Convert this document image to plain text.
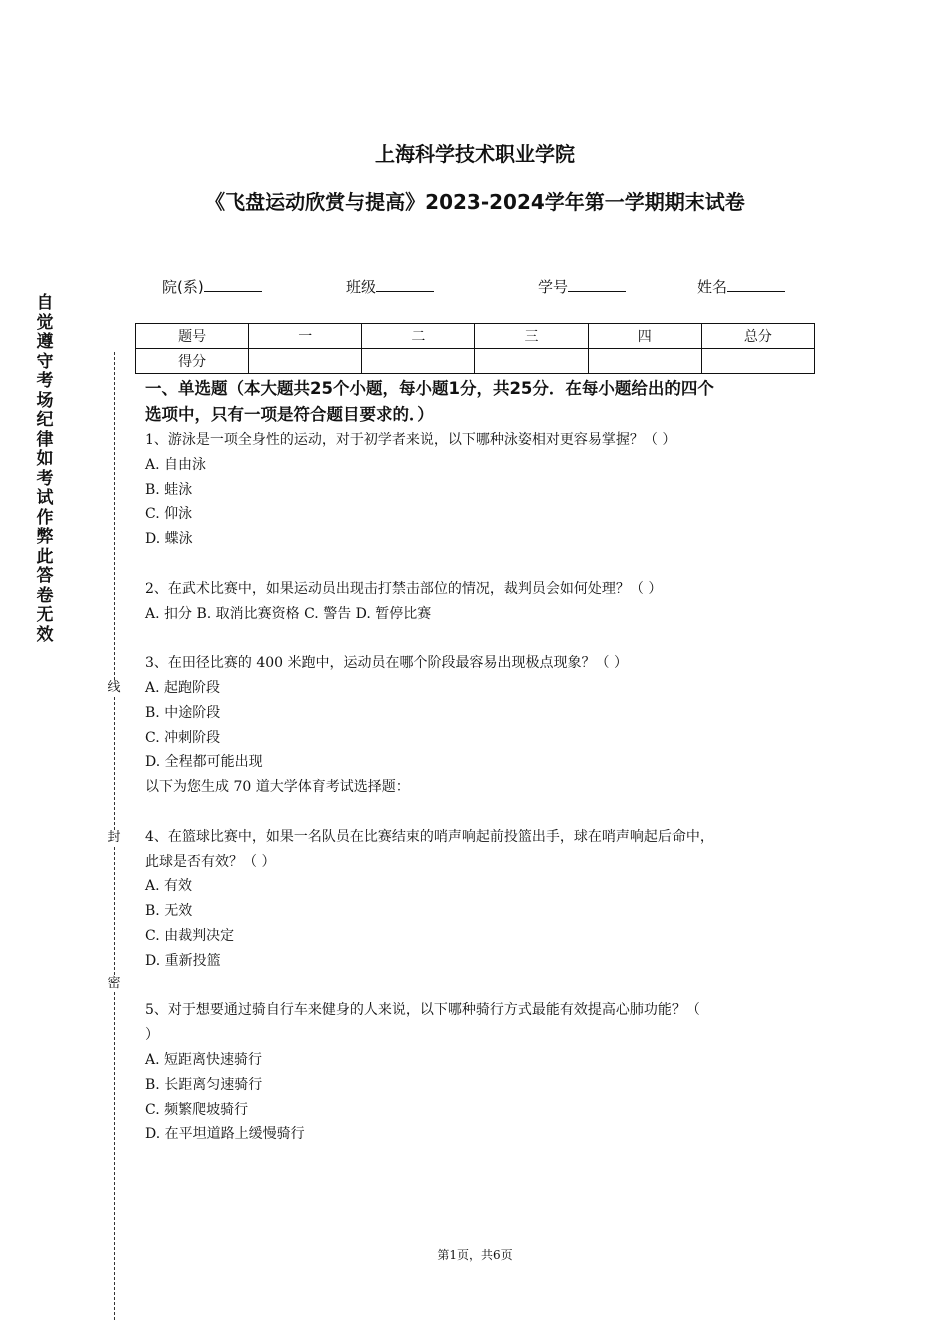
上海科学技术职业学院
《飞盘运动欣赏与提高》2023-2024学年第一学期期末试卷
院(系)	班级	学号	姓名
题号	一	二	三	四	总分
得分					
自觉遵守考场纪律如考试作弊此答卷无效
线
封
密
一、单选题（本大题共25个小题，每小题1分，共25分．在每小题给出的四个
选项中，只有一项是符合题目要求的．）
1、游泳是一项全身性的运动，对于初学者来说，以下哪种泳姿相对更容易掌握？（ ）
A. 自由泳
B. 蛙泳
C. 仰泳
D. 蝶泳
2、在武术比赛中，如果运动员出现击打禁击部位的情况，裁判员会如何处理？（ ）
A. 扣分 B. 取消比赛资格 C. 警告 D. 暂停比赛
3、在田径比赛的 400 米跑中，运动员在哪个阶段最容易出现极点现象？（ ）
A. 起跑阶段
B. 中途阶段
C. 冲刺阶段
D. 全程都可能出现
以下为您生成 70 道大学体育考试选择题：
4、在篮球比赛中，如果一名队员在比赛结束的哨声响起前投篮出手，球在哨声响起后命中，
此球是否有效？（ ）
A. 有效
B. 无效
C. 由裁判决定
D. 重新投篮
5、对于想要通过骑自行车来健身的人来说，以下哪种骑行方式最能有效提高心肺功能？（
）
A. 短距离快速骑行
B. 长距离匀速骑行
C. 频繁爬坡骑行
D. 在平坦道路上缓慢骑行
第1页，共6页
